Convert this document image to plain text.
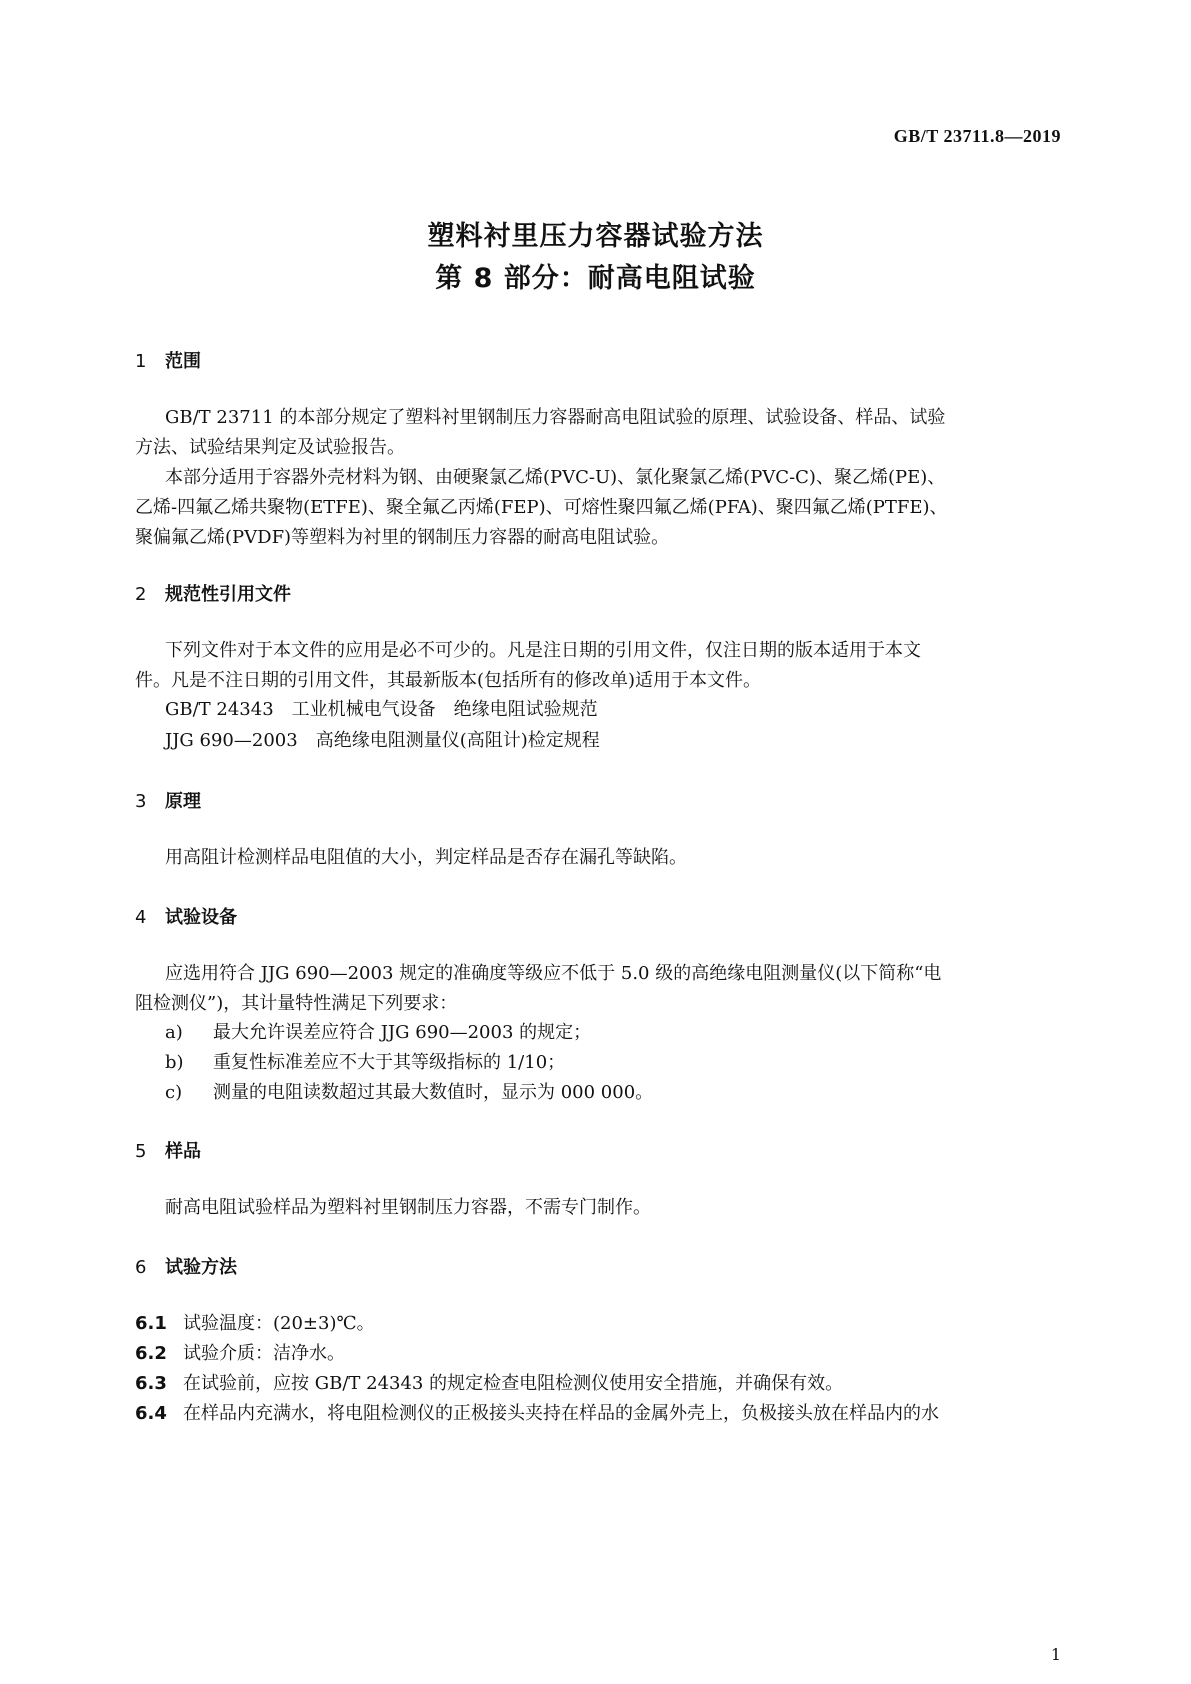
GB/T 23711.8—2019
塑料衬里压力容器试验方法
第 8 部分：耐高电阻试验
1 范围
GB/T 23711 的本部分规定了塑料衬里钢制压力容器耐高电阻试验的原理、试验设备、样品、试验
方法、试验结果判定及试验报告。
本部分适用于容器外壳材料为钢、由硬聚氯乙烯(PVC-U)、氯化聚氯乙烯(PVC-C)、聚乙烯(PE)、
乙烯-四氟乙烯共聚物(ETFE)、聚全氟乙丙烯(FEP)、可熔性聚四氟乙烯(PFA)、聚四氟乙烯(PTFE)、
聚偏氟乙烯(PVDF)等塑料为衬里的钢制压力容器的耐高电阻试验。
2 规范性引用文件
下列文件对于本文件的应用是必不可少的。凡是注日期的引用文件，仅注日期的版本适用于本文
件。凡是不注日期的引用文件，其最新版本(包括所有的修改单)适用于本文件。
GB/T 24343　工业机械电气设备　绝缘电阻试验规范
JJG 690—2003　高绝缘电阻测量仪(高阻计)检定规程
3 原理
用高阻计检测样品电阻值的大小，判定样品是否存在漏孔等缺陷。
4 试验设备
应选用符合 JJG 690—2003 规定的准确度等级应不低于 5.0 级的高绝缘电阻测量仪(以下简称“电
阻检测仪”)，其计量特性满足下列要求：
a) 最大允许误差应符合 JJG 690—2003 的规定；
b) 重复性标准差应不大于其等级指标的 1/10；
c) 测量的电阻读数超过其最大数值时，显示为 000 000。
5 样品
耐高电阻试验样品为塑料衬里钢制压力容器，不需专门制作。
6 试验方法
6.1 试验温度：(20±3)℃。
6.2 试验介质：洁净水。
6.3 在试验前，应按 GB/T 24343 的规定检查电阻检测仪使用安全措施，并确保有效。
6.4 在样品内充满水，将电阻检测仪的正极接头夹持在样品的金属外壳上，负极接头放在样品内的水
1
